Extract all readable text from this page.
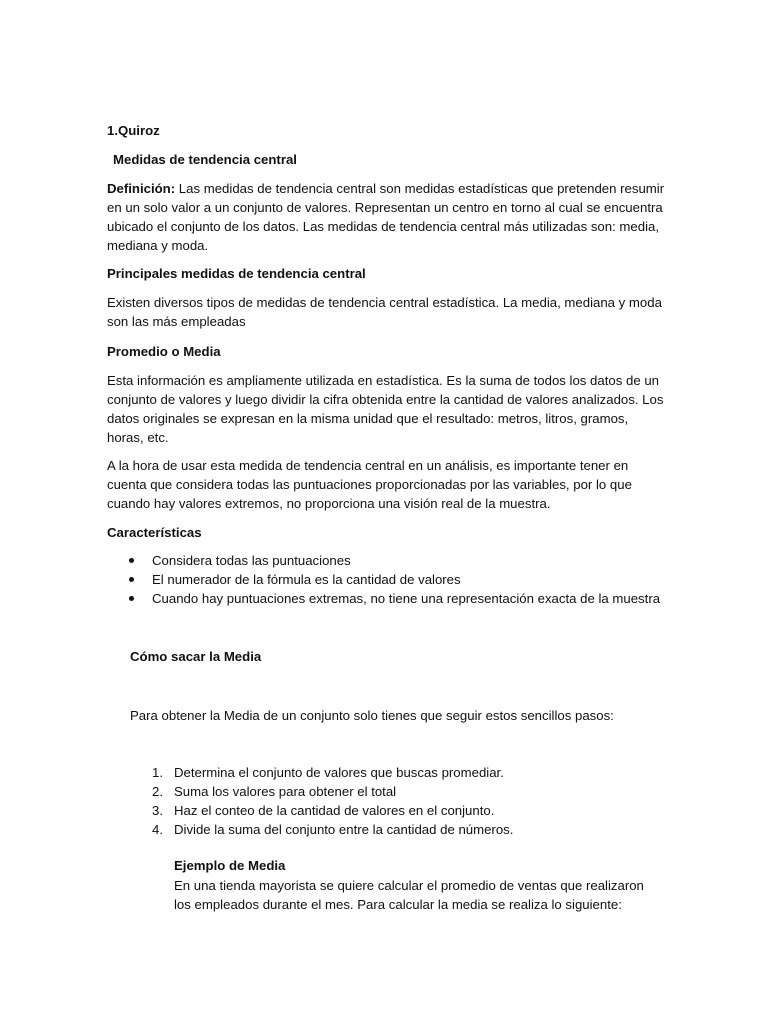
1.Quiroz

Medidas de tendencia central

Definición: Las medidas de tendencia central son medidas estadísticas que pretenden resumir en un solo valor a un conjunto de valores. Representan un centro en torno al cual se encuentra ubicado el conjunto de los datos. Las medidas de tendencia central más utilizadas son: media, mediana y moda.

Principales medidas de tendencia central

Existen diversos tipos de medidas de tendencia central estadística. La media, mediana y moda son las más empleadas

Promedio o Media

Esta información es ampliamente utilizada en estadística. Es la suma de todos los datos de un conjunto de valores y luego dividir la cifra obtenida entre la cantidad de valores analizados. Los datos originales se expresan en la misma unidad que el resultado: metros, litros, gramos, horas, etc.

A la hora de usar esta medida de tendencia central en un análisis, es importante tener en cuenta que considera todas las puntuaciones proporcionadas por las variables, por lo que cuando hay valores extremos, no proporciona una visión real de la muestra.

Características

Considera todas las puntuaciones
El numerador de la fórmula es la cantidad de valores
Cuando hay puntuaciones extremas, no tiene una representación exacta de la muestra

Cómo sacar la Media

Para obtener la Media de un conjunto solo tienes que seguir estos sencillos pasos:

1. Determina el conjunto de valores que buscas promediar.
2. Suma los valores para obtener el total
3. Haz el conteo de la cantidad de valores en el conjunto.
4. Divide la suma del conjunto entre la cantidad de números.

Ejemplo de Media

En una tienda mayorista se quiere calcular el promedio de ventas que realizaron los empleados durante el mes. Para calcular la media se realiza lo siguiente:
